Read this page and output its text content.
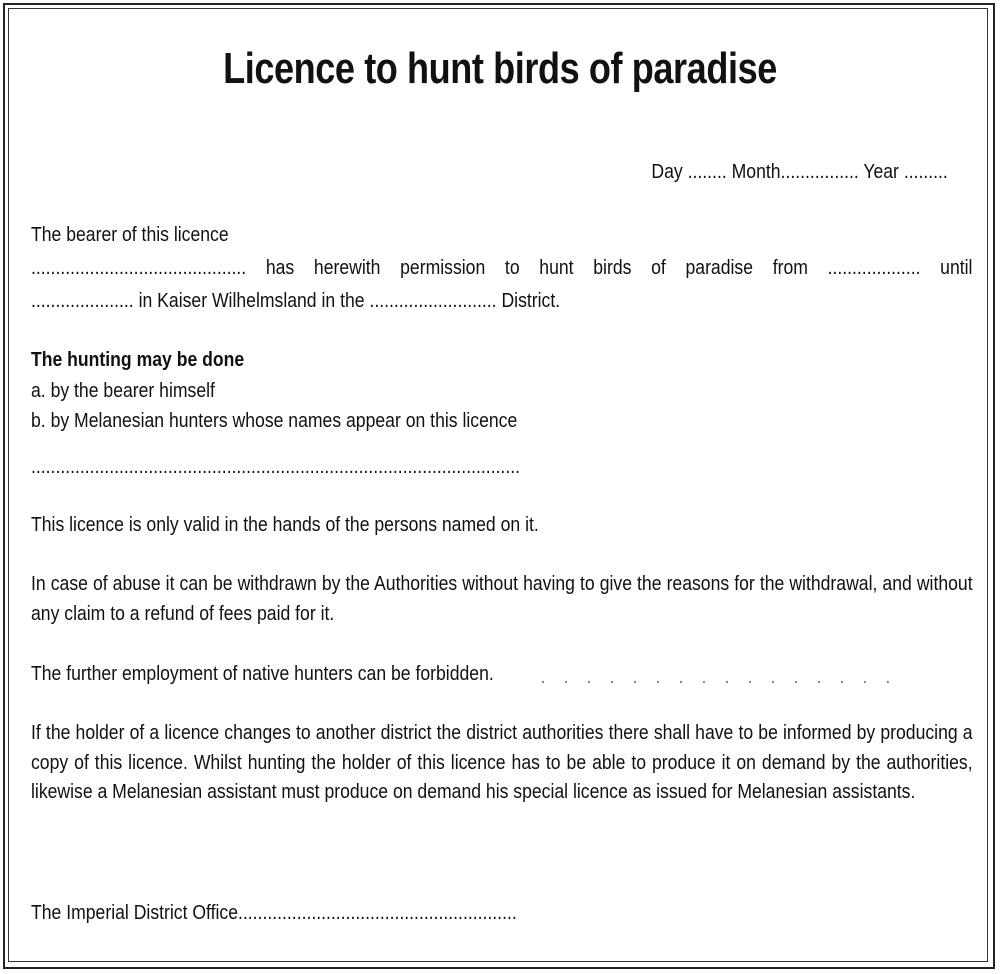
Licence to hunt birds of paradise
Day ........ Month................ Year .........
The bearer of this licence
............................................ has herewith permission to hunt birds of paradise from ................... until
..................... in Kaiser Wilhelmsland in the .......................... District.
The hunting may be done
a. by the bearer himself
b. by Melanesian hunters whose names appear on this licence
....................................................................................................
This licence is only valid in the hands of the persons named on it.
In case of abuse it can be withdrawn by the Authorities without having to give the reasons for the withdrawal, and without any claim to a refund of fees paid for it.
The further employment of native hunters can be forbidden.	················
If the holder of a licence changes to another district the district authorities there shall have to be informed by producing a copy of this licence. Whilst hunting the holder of this licence has to be able to produce it on demand by the authorities, likewise a Melanesian assistant must produce on demand his special licence as issued for Melanesian assistants.
The Imperial District Office.........................................................
